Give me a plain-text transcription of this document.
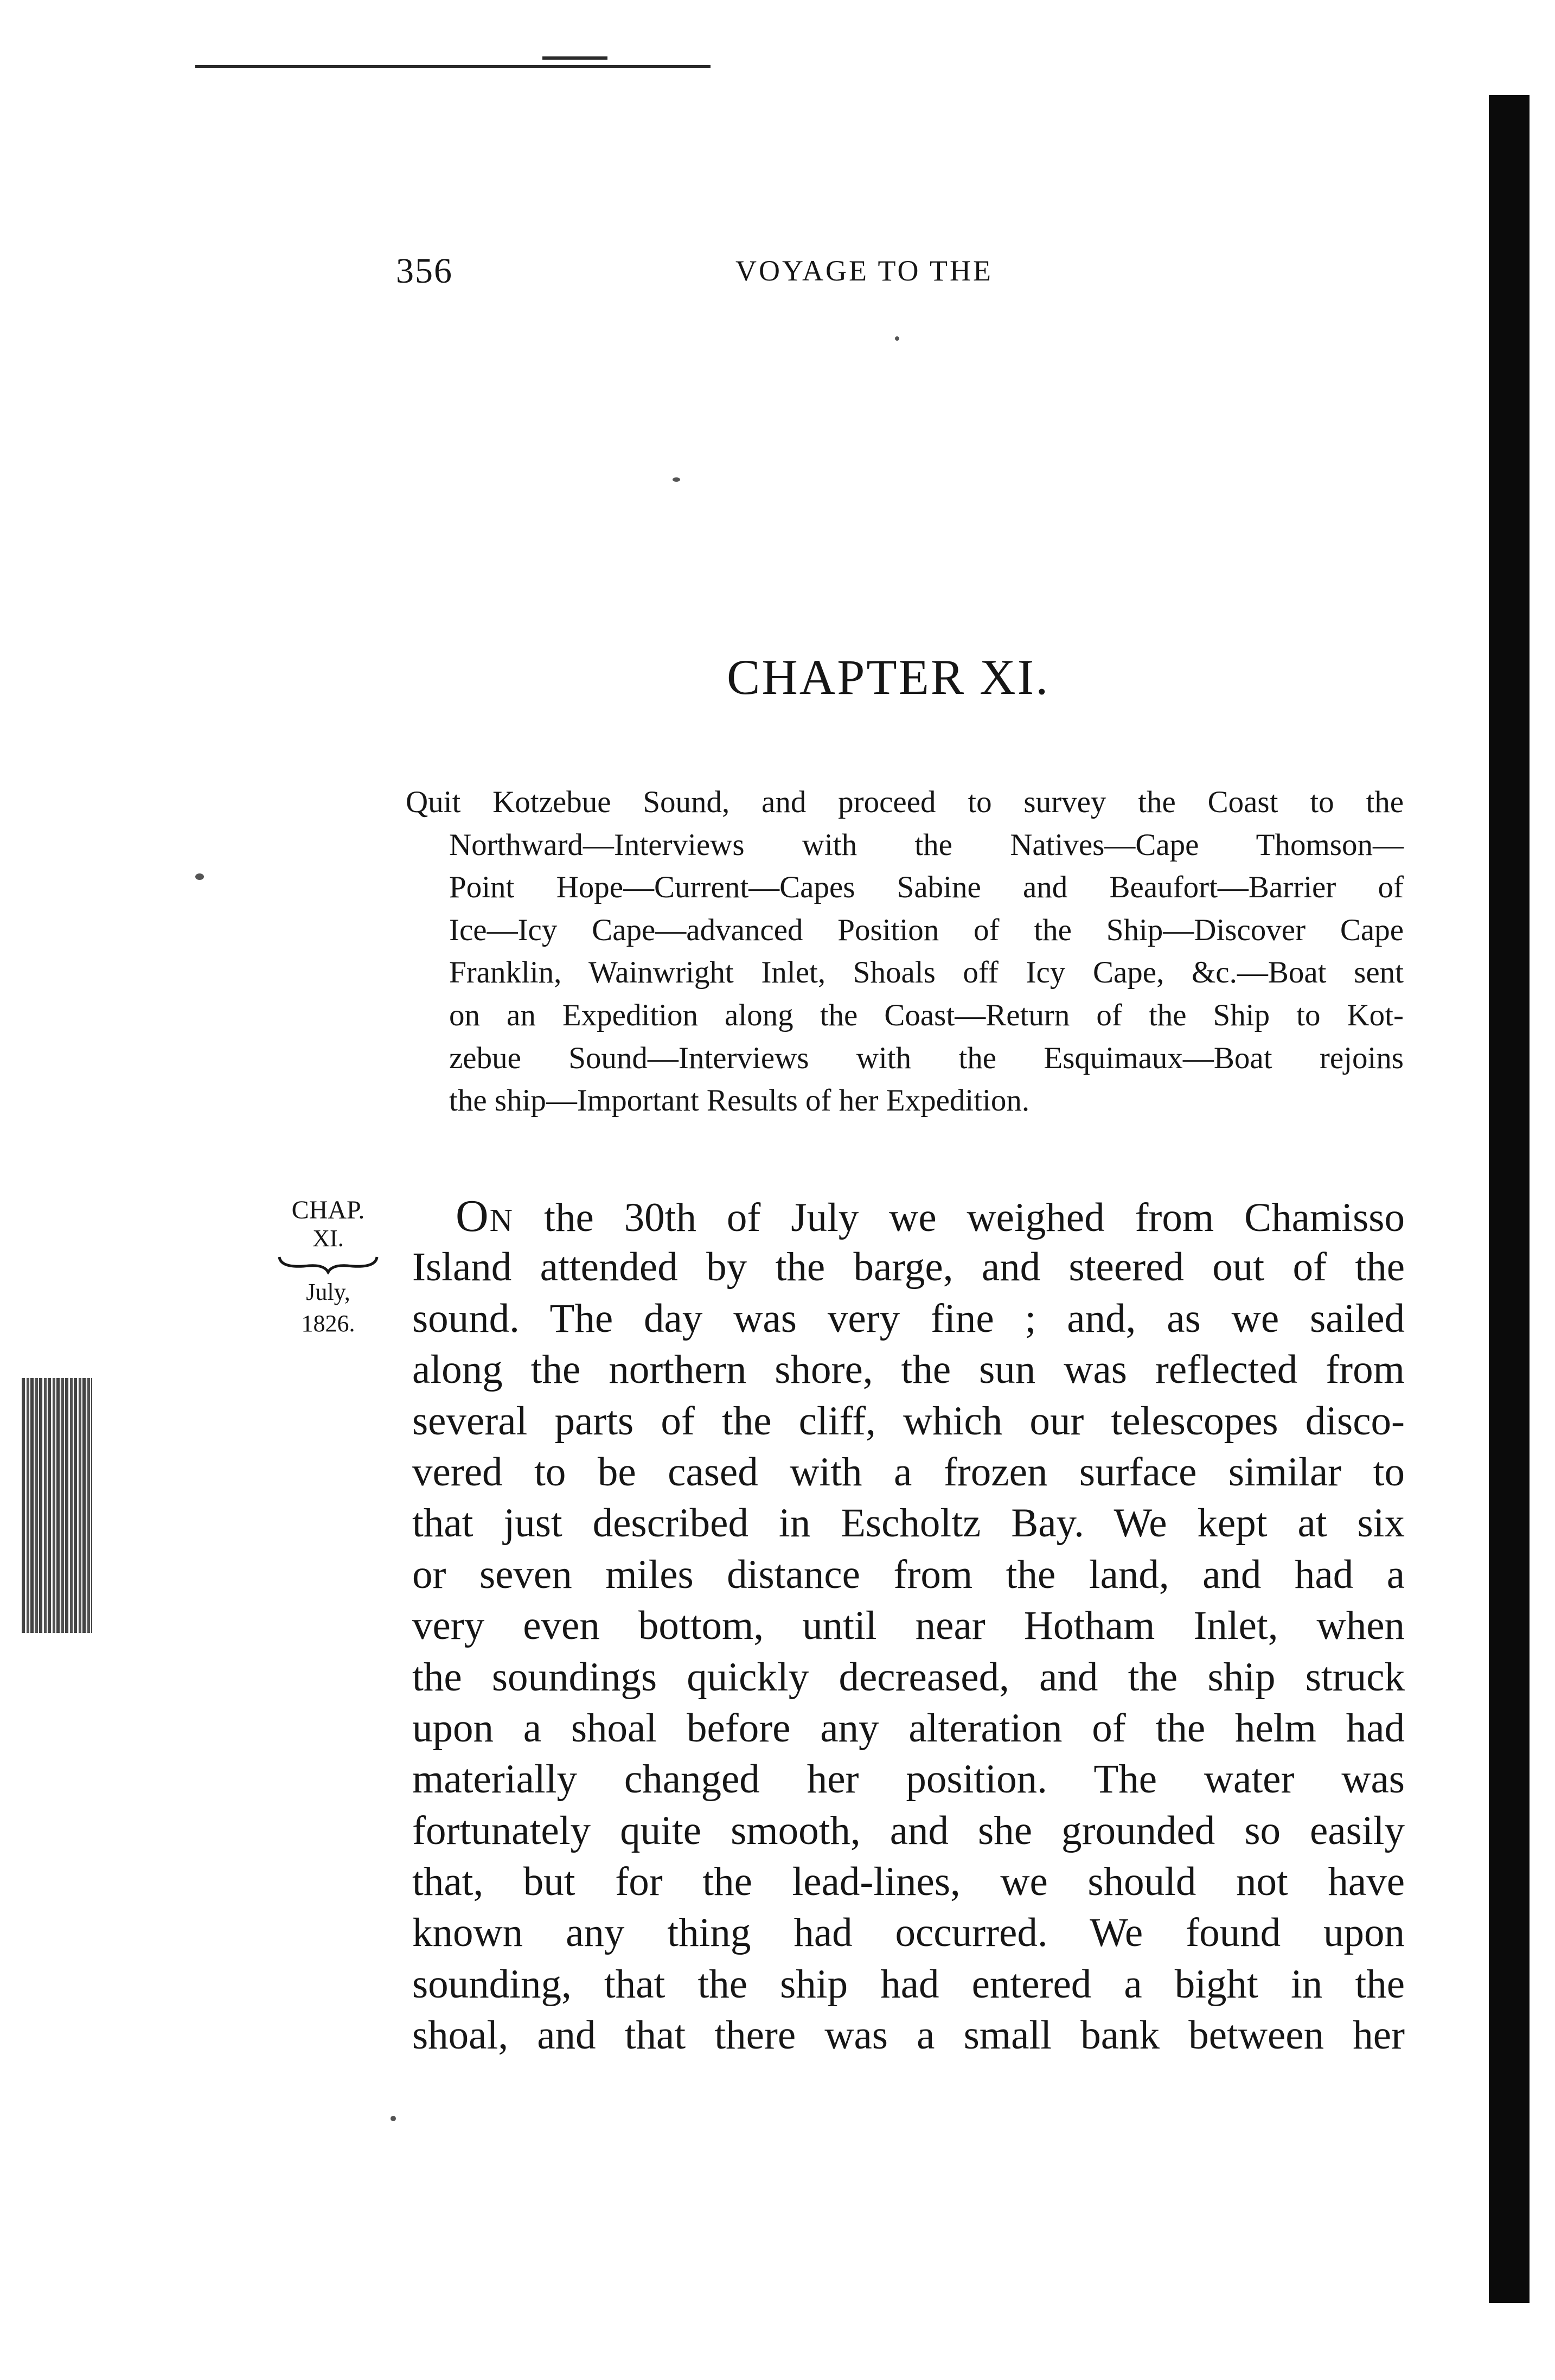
356	VOYAGE TO THE
CHAPTER XI.
Quit Kotzebue Sound, and proceed to survey the Coast to the
Northward—Interviews with the Natives—Cape Thomson—
Point Hope—Current—Capes Sabine and Beaufort—Barrier of
Ice—Icy Cape—advanced Position of the Ship—Discover Cape
Franklin, Wainwright Inlet, Shoals off Icy Cape, &c.—Boat sent
on an Expedition along the Coast—Return of the Ship to Kot-
zebue Sound—Interviews with the Esquimaux—Boat rejoins
the ship—Important Results of her Expedition.
CHAP.
XI.
July,
1826.
On the 30th of July we weighed from Chamisso
Island attended by the barge, and steered out of the
sound. The day was very fine ; and, as we sailed
along the northern shore, the sun was reflected from
several parts of the cliff, which our telescopes disco-
vered to be cased with a frozen surface similar to
that just described in Escholtz Bay. We kept at six
or seven miles distance from the land, and had a
very even bottom, until near Hotham Inlet, when
the soundings quickly decreased, and the ship struck
upon a shoal before any alteration of the helm had
materially changed her position. The water was
fortunately quite smooth, and she grounded so easily
that, but for the lead-lines, we should not have
known any thing had occurred. We found upon
sounding, that the ship had entered a bight in the
shoal, and that there was a small bank between her
